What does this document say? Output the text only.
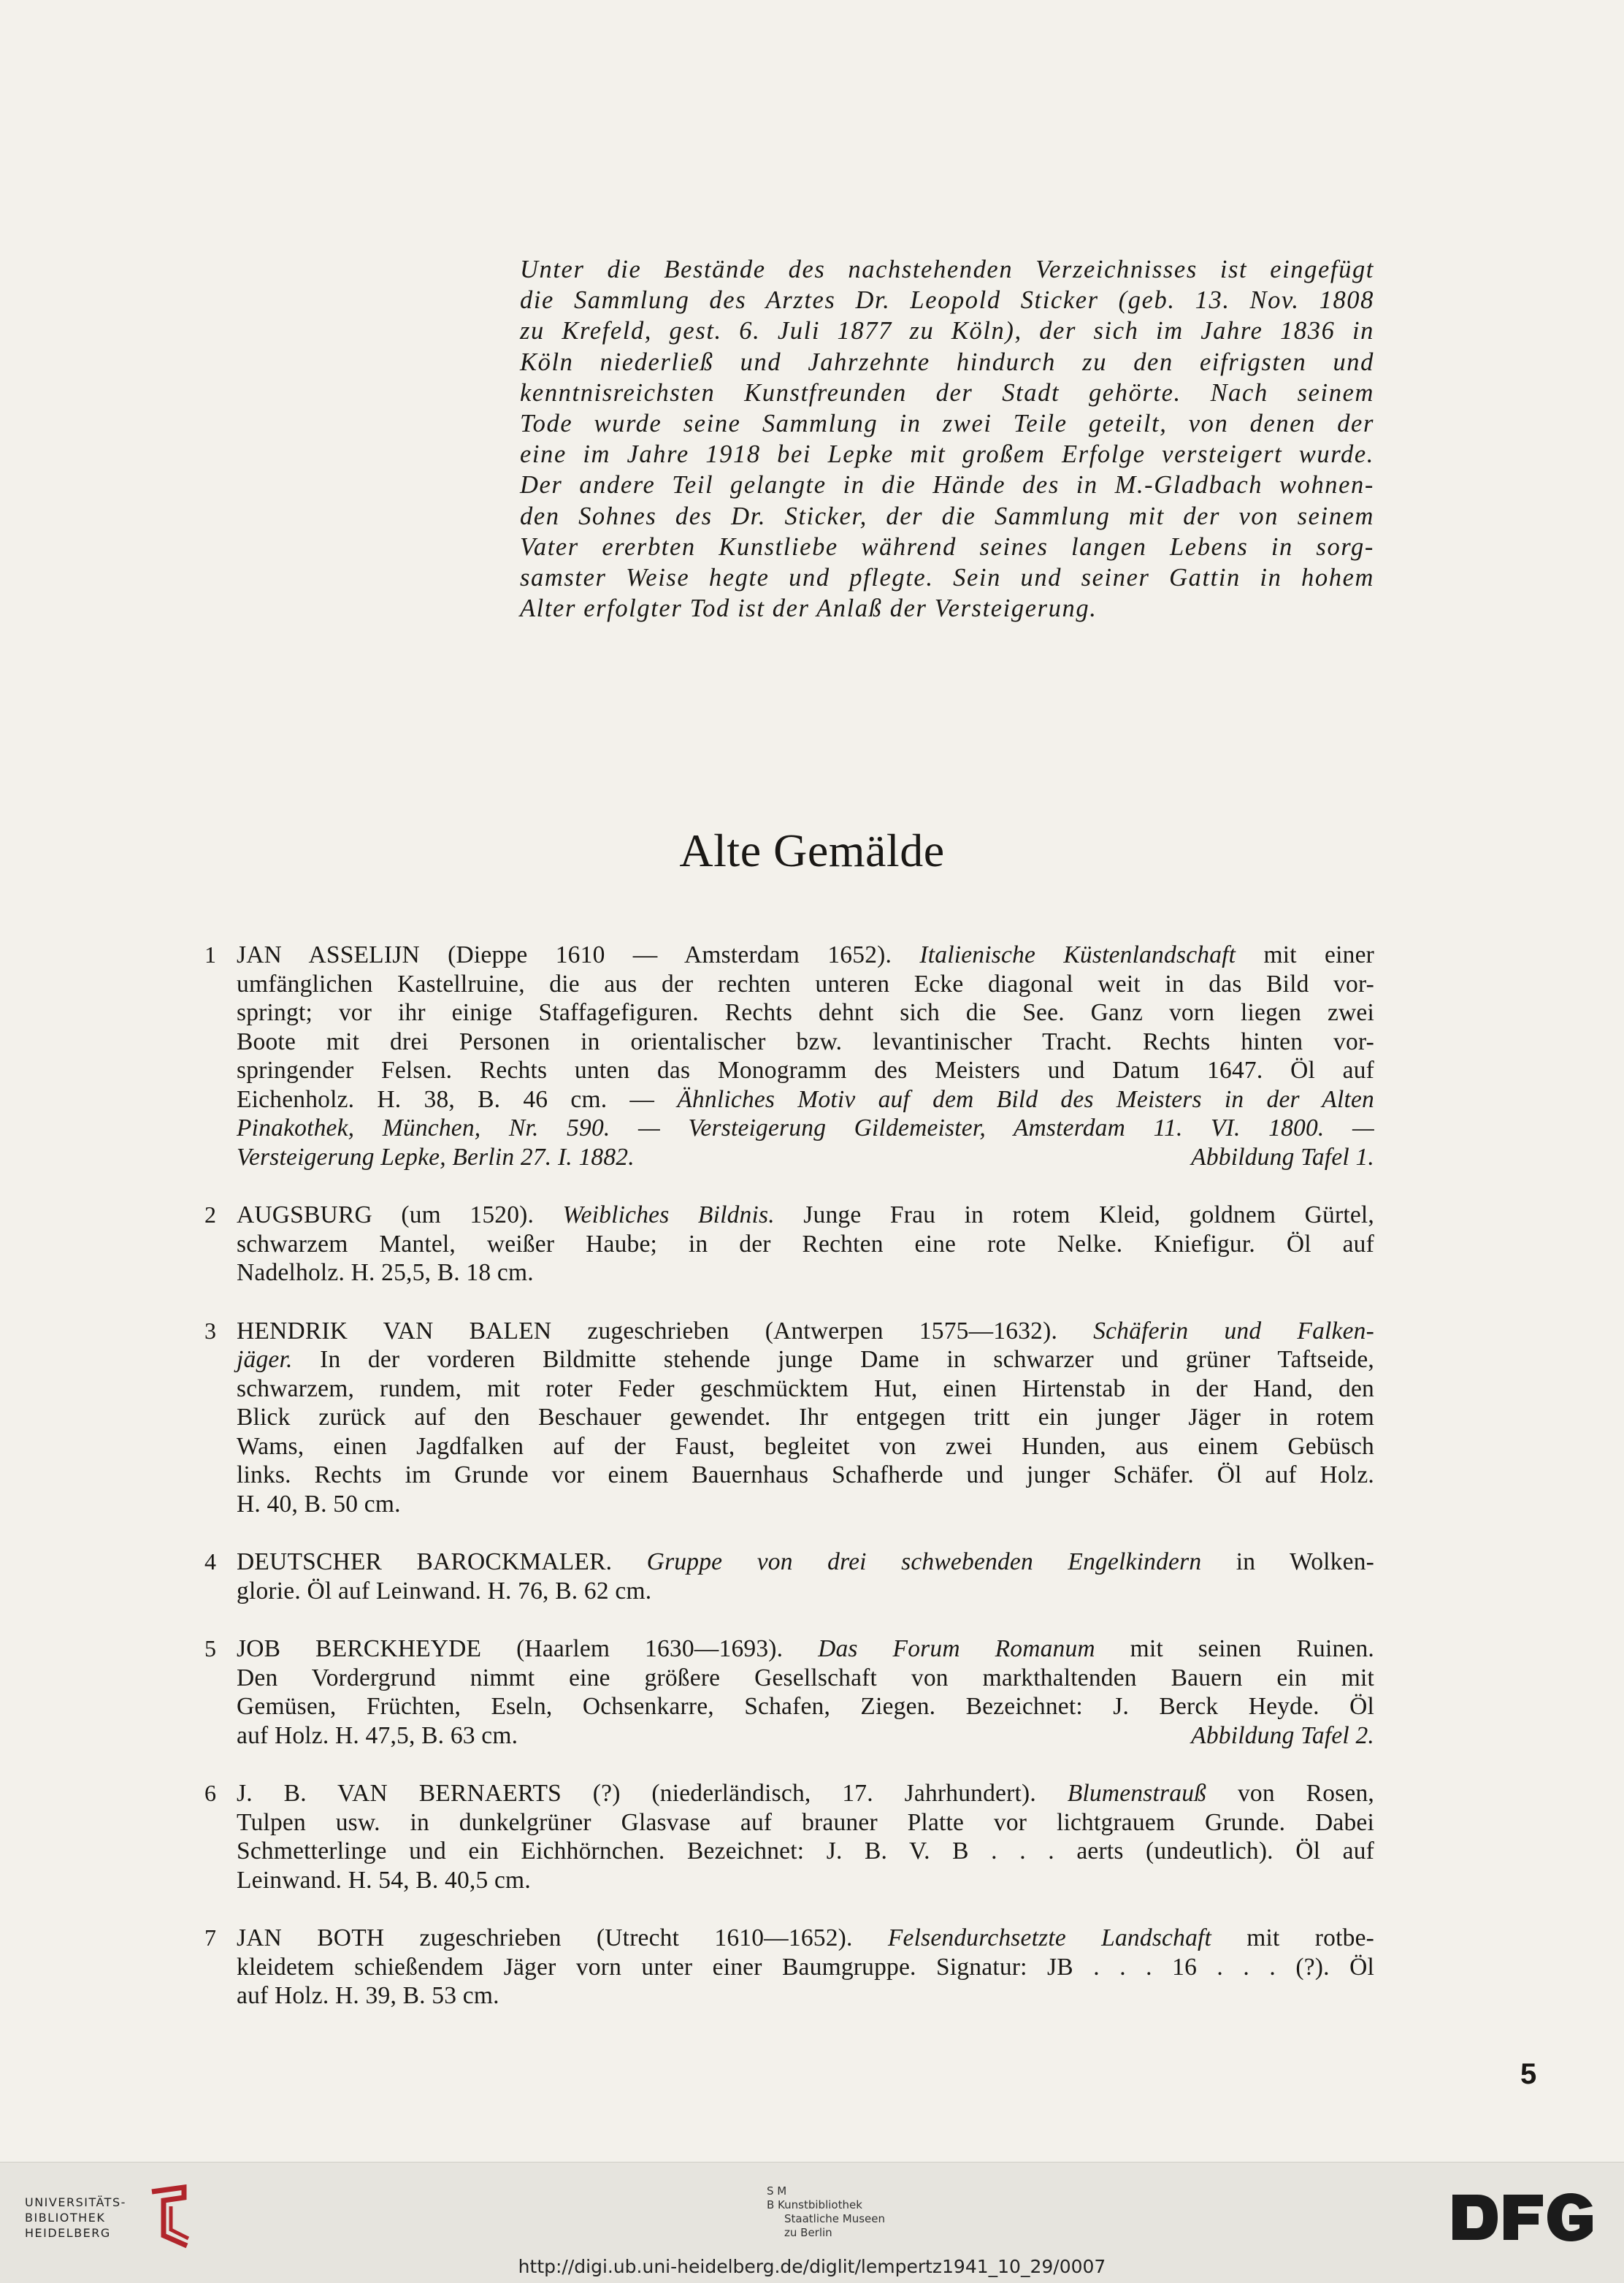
Unter die Bestände des nachstehenden Verzeichnisses ist eingefügt
die Sammlung des Arztes Dr. Leopold Sticker (geb. 13. Nov. 1808
zu Krefeld, gest. 6. Juli 1877 zu Köln), der sich im Jahre 1836 in
Köln niederließ und Jahrzehnte hindurch zu den eifrigsten und
kenntnisreichsten Kunstfreunden der Stadt gehörte. Nach seinem
Tode wurde seine Sammlung in zwei Teile geteilt, von denen der
eine im Jahre 1918 bei Lepke mit großem Erfolge versteigert wurde.
Der andere Teil gelangte in die Hände des in M.-Gladbach wohnen-
den Sohnes des Dr. Sticker, der die Sammlung mit der von seinem
Vater ererbten Kunstliebe während seines langen Lebens in sorg-
samster Weise hegte und pflegte. Sein und seiner Gattin in hohem
Alter erfolgter Tod ist der Anlaß der Versteigerung.
Alte Gemälde
1 JAN ASSELIJN (Dieppe 1610 — Amsterdam 1652). Italienische Küstenlandschaft mit einer
umfänglichen Kastellruine, die aus der rechten unteren Ecke diagonal weit in das Bild vor-
springt; vor ihr einige Staffagefiguren. Rechts dehnt sich die See. Ganz vorn liegen zwei
Boote mit drei Personen in orientalischer bzw. levantinischer Tracht. Rechts hinten vor-
springender Felsen. Rechts unten das Monogramm des Meisters und Datum 1647. Öl auf
Eichenholz. H. 38, B. 46 cm. — Ähnliches Motiv auf dem Bild des Meisters in der Alten
Pinakothek, München, Nr. 590. — Versteigerung Gildemeister, Amsterdam 11. VI. 1800. —
Versteigerung Lepke, Berlin 27. I. 1882.	Abbildung Tafel 1.
2 AUGSBURG (um 1520). Weibliches Bildnis. Junge Frau in rotem Kleid, goldnem Gürtel,
schwarzem Mantel, weißer Haube; in der Rechten eine rote Nelke. Kniefigur. Öl auf
Nadelholz. H. 25,5, B. 18 cm.
3 HENDRIK VAN BALEN zugeschrieben (Antwerpen 1575—1632). Schäferin und Falken-
jäger. In der vorderen Bildmitte stehende junge Dame in schwarzer und grüner Taftseide,
schwarzem, rundem, mit roter Feder geschmücktem Hut, einen Hirtenstab in der Hand, den
Blick zurück auf den Beschauer gewendet. Ihr entgegen tritt ein junger Jäger in rotem
Wams, einen Jagdfalken auf der Faust, begleitet von zwei Hunden, aus einem Gebüsch
links. Rechts im Grunde vor einem Bauernhaus Schafherde und junger Schäfer. Öl auf Holz.
H. 40, B. 50 cm.
4 DEUTSCHER BAROCKMALER. Gruppe von drei schwebenden Engelkindern in Wolken-
glorie. Öl auf Leinwand. H. 76, B. 62 cm.
5 JOB BERCKHEYDE (Haarlem 1630—1693). Das Forum Romanum mit seinen Ruinen.
Den Vordergrund nimmt eine größere Gesellschaft von markthaltenden Bauern ein mit
Gemüsen, Früchten, Eseln, Ochsenkarre, Schafen, Ziegen. Bezeichnet: J. Berck Heyde. Öl
auf Holz. H. 47,5, B. 63 cm.	Abbildung Tafel 2.
6 J. B. VAN BERNAERTS (?) (niederländisch, 17. Jahrhundert). Blumenstrauß von Rosen,
Tulpen usw. in dunkelgrüner Glasvase auf brauner Platte vor lichtgrauem Grunde. Dabei
Schmetterlinge und ein Eichhörnchen. Bezeichnet: J. B. V. B . . . aerts (undeutlich). Öl auf
Leinwand. H. 54, B. 40,5 cm.
7 JAN BOTH zugeschrieben (Utrecht 1610—1652). Felsendurchsetzte Landschaft mit rotbe-
kleidetem schießendem Jäger vorn unter einer Baumgruppe. Signatur: JB . . . 16 . . . (?). Öl
auf Holz. H. 39, B. 53 cm.
5
UNIVERSITÄTS-
BIBLIOTHEK
HEIDELBERG
S M
B Kunstbibliothek
Staatliche Museen
zu Berlin
http://digi.ub.uni-heidelberg.de/diglit/lempertz1941_10_29/0007
